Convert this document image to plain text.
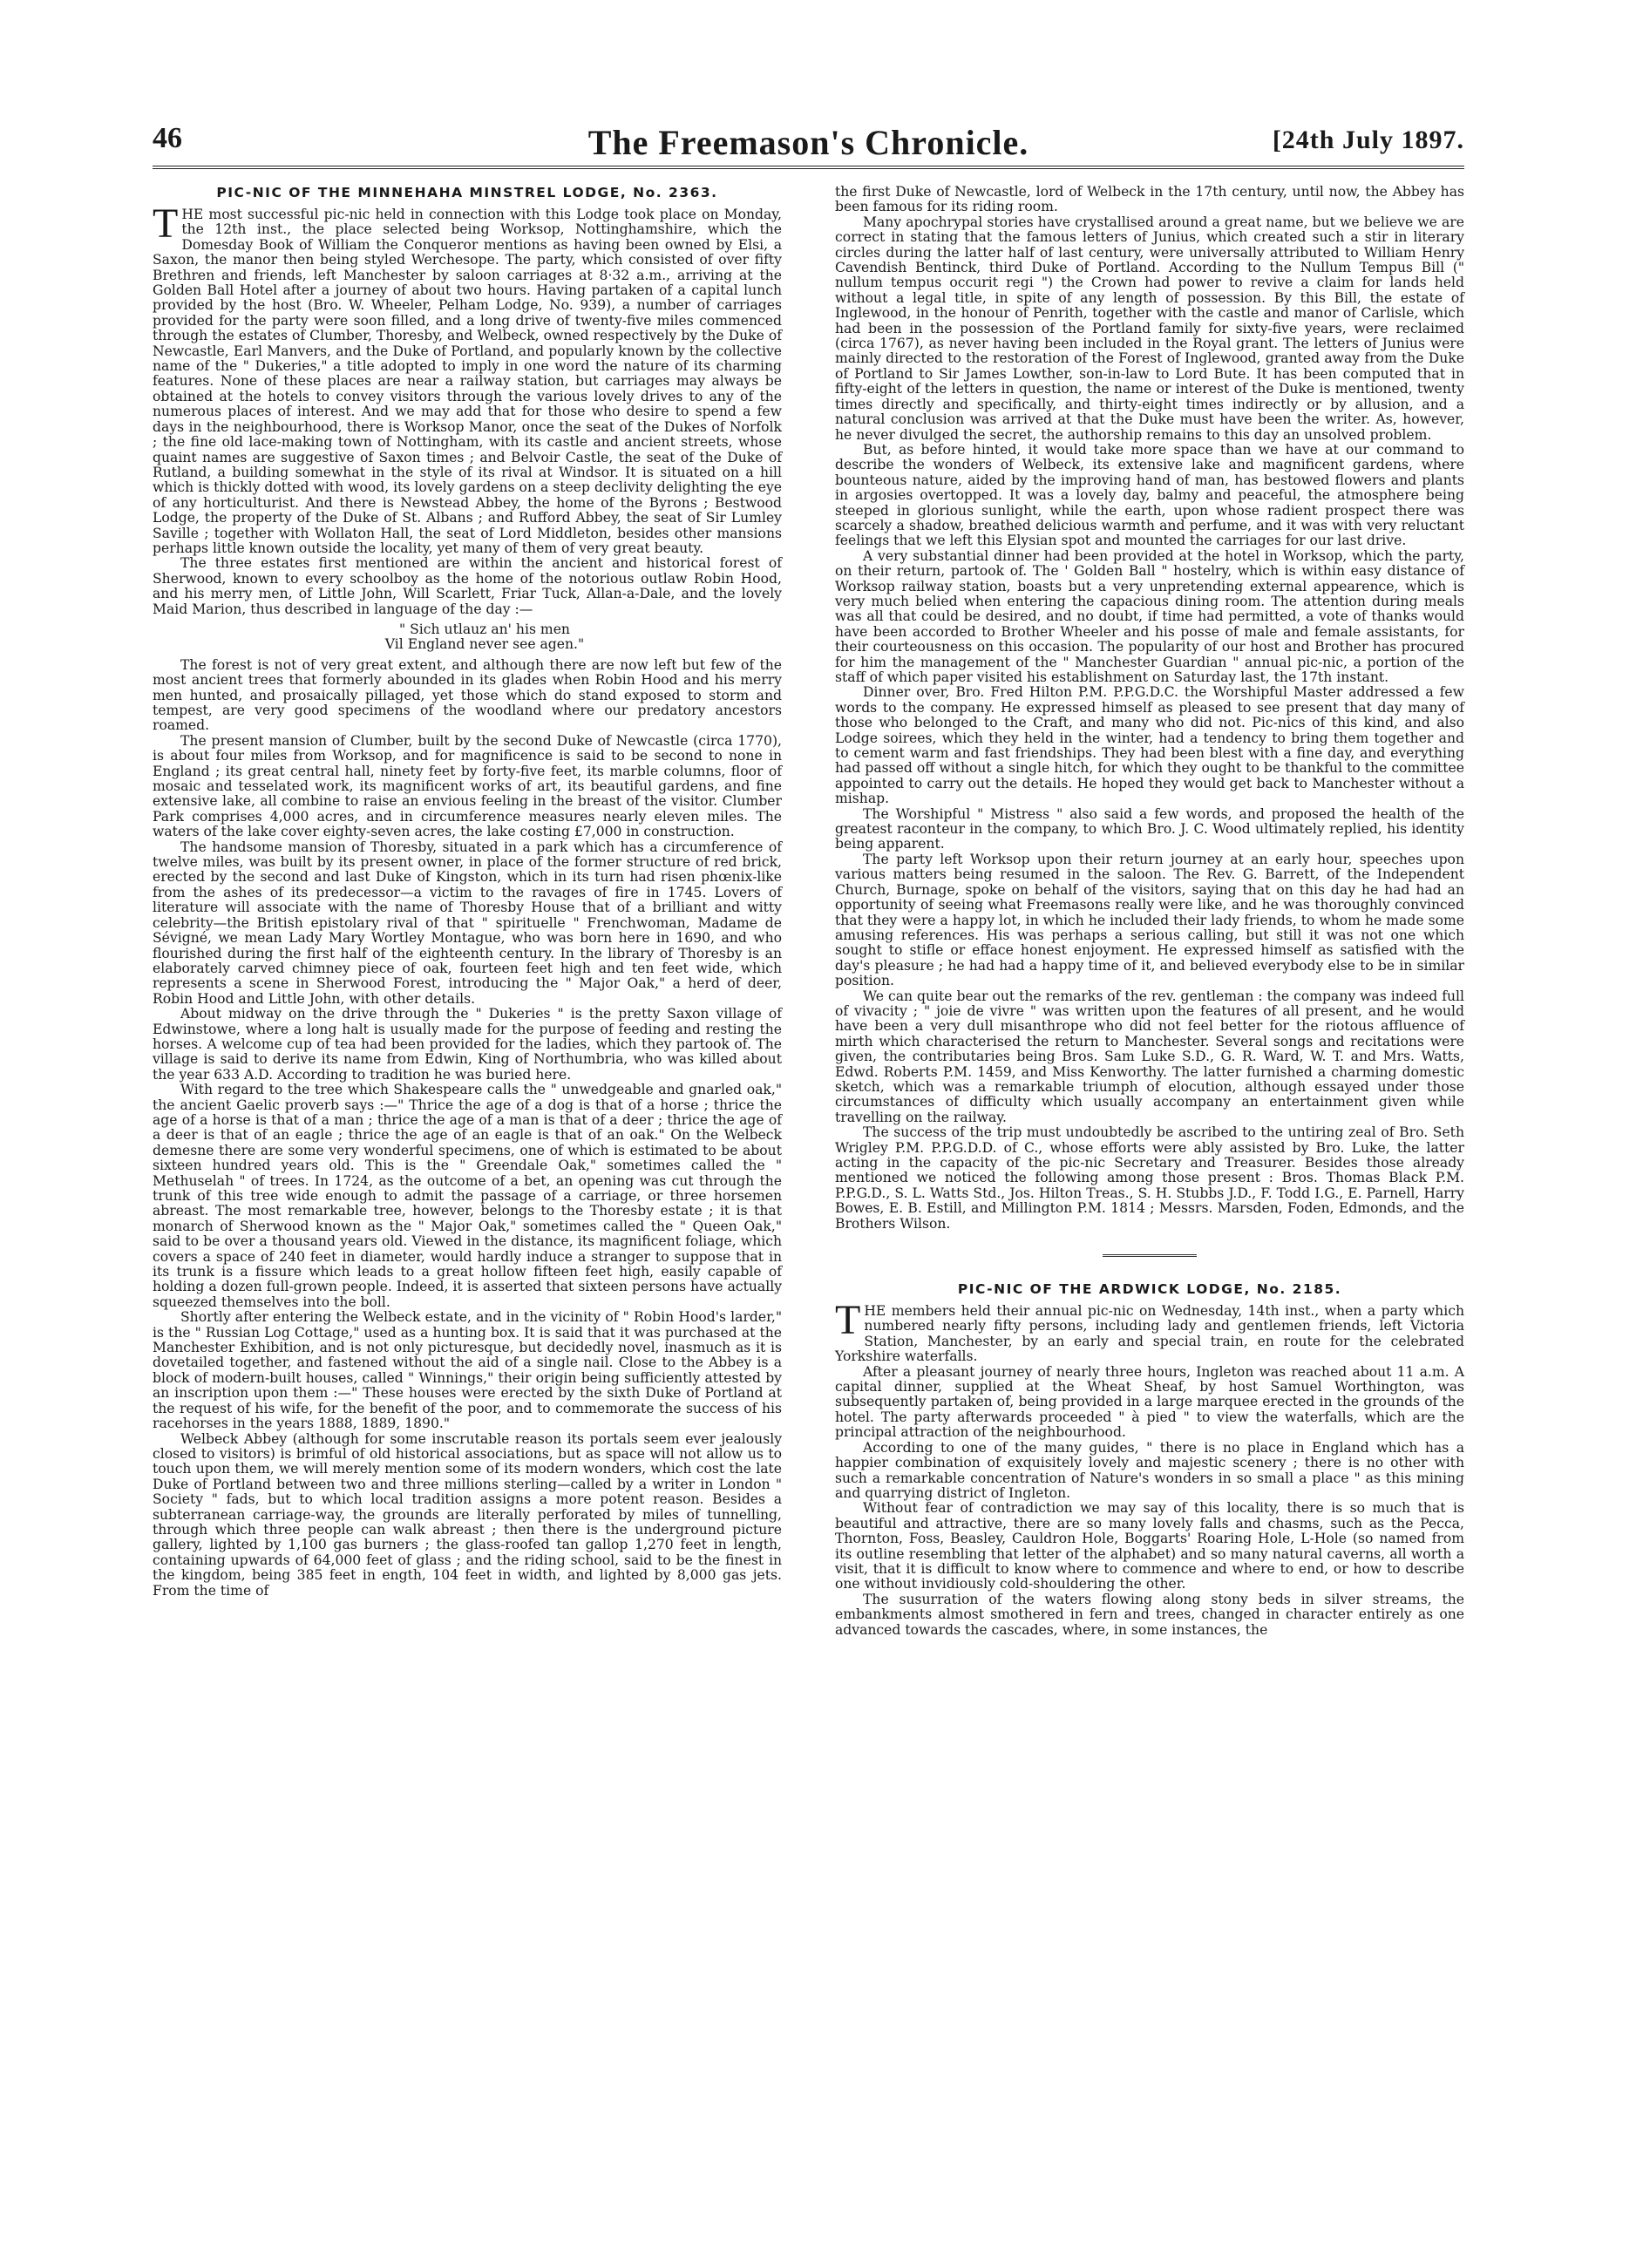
46	The Freemason's Chronicle.	[24th July 1897.
PIC-NIC OF THE MINNEHAHA MINSTREL LODGE, No. 2363.

THE most successful pic-nic held in connection with this Lodge took place on Monday, the 12th inst., the place selected being Worksop, Nottinghamshire, which the Domesday Book of William the Conqueror mentions as having been owned by Elsi, a Saxon, the manor then being styled Werchesope. The party, which consisted of over fifty Brethren and friends, left Manchester by saloon carriages at 8·32 a.m., arriving at the Golden Ball Hotel after a journey of about two hours. Having partaken of a capital lunch provided by the host (Bro. W. Wheeler, Pelham Lodge, No. 939), a number of carriages provided for the party were soon filled, and a long drive of twenty-five miles commenced through the estates of Clumber, Thoresby, and Welbeck, owned respectively by the Duke of Newcastle, Earl Manvers, and the Duke of Portland, and popularly known by the collective name of the " Dukeries," a title adopted to imply in one word the nature of its charming features. None of these places are near a railway station, but carriages may always be obtained at the hotels to convey visitors through the various lovely drives to any of the numerous places of interest. And we may add that for those who desire to spend a few days in the neighbourhood, there is Worksop Manor, once the seat of the Dukes of Norfolk ; the fine old lace-making town of Nottingham, with its castle and ancient streets, whose quaint names are suggestive of Saxon times ; and Belvoir Castle, the seat of the Duke of Rutland, a building somewhat in the style of its rival at Windsor. It is situated on a hill which is thickly dotted with wood, its lovely gardens on a steep declivity delighting the eye of any horticulturist. And there is Newstead Abbey, the home of the Byrons ; Bestwood Lodge, the property of the Duke of St. Albans ; and Rufford Abbey, the seat of Sir Lumley Saville ; together with Wollaton Hall, the seat of Lord Middleton, besides other mansions perhaps little known outside the locality, yet many of them of very great beauty.

The three estates first mentioned are within the ancient and historical forest of Sherwood, known to every schoolboy as the home of the notorious outlaw Robin Hood, and his merry men, of Little John, Will Scarlett, Friar Tuck, Allan-a-Dale, and the lovely Maid Marion, thus described in language of the day :—

" Sich utlauz an' his men
Vil England never see agen."

The forest is not of very great extent, and although there are now left but few of the most ancient trees that formerly abounded in its glades when Robin Hood and his merry men hunted, and prosaically pillaged, yet those which do stand exposed to storm and tempest, are very good specimens of the woodland where our predatory ancestors roamed.

The present mansion of Clumber, built by the second Duke of Newcastle (circa 1770), is about four miles from Worksop, and for magnificence is said to be second to none in England ; its great central hall, ninety feet by forty-five feet, its marble columns, floor of mosaic and tesselated work, its magnificent works of art, its beautiful gardens, and fine extensive lake, all combine to raise an envious feeling in the breast of the visitor. Clumber Park comprises 4,000 acres, and in circumference measures nearly eleven miles. The waters of the lake cover eighty-seven acres, the lake costing £7,000 in construction.

The handsome mansion of Thoresby, situated in a park which has a circumference of twelve miles, was built by its present owner, in place of the former structure of red brick, erected by the second and last Duke of Kingston, which in its turn had risen phœnix-like from the ashes of its predecessor—a victim to the ravages of fire in 1745. Lovers of literature will associate with the name of Thoresby House that of a brilliant and witty celebrity—the British epistolary rival of that " spirituelle " Frenchwoman, Madame de Sévigné, we mean Lady Mary Wortley Montague, who was born here in 1690, and who flourished during the first half of the eighteenth century. In the library of Thoresby is an elaborately carved chimney piece of oak, fourteen feet high and ten feet wide, which represents a scene in Sherwood Forest, introducing the " Major Oak," a herd of deer, Robin Hood and Little John, with other details.

About midway on the drive through the " Dukeries " is the pretty Saxon village of Edwinstowe, where a long halt is usually made for the purpose of feeding and resting the horses. A welcome cup of tea had been provided for the ladies, which they partook of. The village is said to derive its name from Edwin, King of Northumbria, who was killed about the year 633 A.D. According to tradition he was buried here.

With regard to the tree which Shakespeare calls the " unwedgeable and gnarled oak," the ancient Gaelic proverb says :—" Thrice the age of a dog is that of a horse ; thrice the age of a horse is that of a man ; thrice the age of a man is that of a deer ; thrice the age of a deer is that of an eagle ; thrice the age of an eagle is that of an oak." On the Welbeck demesne there are some very wonderful specimens, one of which is estimated to be about sixteen hundred years old. This is the " Greendale Oak," sometimes called the " Methuselah " of trees. In 1724, as the outcome of a bet, an opening was cut through the trunk of this tree wide enough to admit the passage of a carriage, or three horsemen abreast. The most remarkable tree, however, belongs to the Thoresby estate ; it is that monarch of Sherwood known as the " Major Oak," sometimes called the " Queen Oak," said to be over a thousand years old. Viewed in the distance, its magnificent foliage, which covers a space of 240 feet in diameter, would hardly induce a stranger to suppose that in its trunk is a fissure which leads to a great hollow fifteen feet high, easily capable of holding a dozen full-grown people. Indeed, it is asserted that sixteen persons have actually squeezed themselves into the boll.

Shortly after entering the Welbeck estate, and in the vicinity of " Robin Hood's larder," is the " Russian Log Cottage," used as a hunting box. It is said that it was purchased at the Manchester Exhibition, and is not only picturesque, but decidedly novel, inasmuch as it is dovetailed together, and fastened without the aid of a single nail. Close to the Abbey is a block of modern-built houses, called " Winnings," their origin being sufficiently attested by an inscription upon them :—" These houses were erected by the sixth Duke of Portland at the request of his wife, for the benefit of the poor, and to commemorate the success of his racehorses in the years 1888, 1889, 1890."

Welbeck Abbey (although for some inscrutable reason its portals seem ever jealously closed to visitors) is brimful of old historical associations, but as space will not allow us to touch upon them, we will merely mention some of its modern wonders, which cost the late Duke of Portland between two and three millions sterling—called by a writer in London " Society " fads, but to which local tradition assigns a more potent reason. Besides a subterranean carriage-way, the grounds are literally perforated by miles of tunnelling, through which three people can walk abreast ; then there is the underground picture gallery, lighted by 1,100 gas burners ; the glass-roofed tan gallop 1,270 feet in length, containing upwards of 64,000 feet of glass ; and the riding school, said to be the finest in the kingdom, being 385 feet in ength, 104 feet in width, and lighted by 8,000 gas jets. From the time of

the first Duke of Newcastle, lord of Welbeck in the 17th century, until now, the Abbey has been famous for its riding room.

Many apochrypal stories have crystallised around a great name, but we believe we are correct in stating that the famous letters of Junius, which created such a stir in literary circles during the latter half of last century, were universally attributed to William Henry Cavendish Bentinck, third Duke of Portland. According to the Nullum Tempus Bill (" nullum tempus occurit regi ") the Crown had power to revive a claim for lands held without a legal title, in spite of any length of possession. By this Bill, the estate of Inglewood, in the honour of Penrith, together with the castle and manor of Carlisle, which had been in the possession of the Portland family for sixty-five years, were reclaimed (circa 1767), as never having been included in the Royal grant. The letters of Junius were mainly directed to the restoration of the Forest of Inglewood, granted away from the Duke of Portland to Sir James Lowther, son-in-law to Lord Bute. It has been computed that in fifty-eight of the letters in question, the name or interest of the Duke is mentioned, twenty times directly and specifically, and thirty-eight times indirectly or by allusion, and a natural conclusion was arrived at that the Duke must have been the writer. As, however, he never divulged the secret, the authorship remains to this day an unsolved problem.

But, as before hinted, it would take more space than we have at our command to describe the wonders of Welbeck, its extensive lake and magnificent gardens, where bounteous nature, aided by the improving hand of man, has bestowed flowers and plants in argosies overtopped. It was a lovely day, balmy and peaceful, the atmosphere being steeped in glorious sunlight, while the earth, upon whose radient prospect there was scarcely a shadow, breathed delicious warmth and perfume, and it was with very reluctant feelings that we left this Elysian spot and mounted the carriages for our last drive.

A very substantial dinner had been provided at the hotel in Worksop, which the party, on their return, partook of. The ' Golden Ball " hostelry, which is within easy distance of Worksop railway station, boasts but a very unpretending external appearence, which is very much belied when entering the capacious dining room. The attention during meals was all that could be desired, and no doubt, if time had permitted, a vote of thanks would have been accorded to Brother Wheeler and his posse of male and female assistants, for their courteousness on this occasion. The popularity of our host and Brother has procured for him the management of the " Manchester Guardian " annual pic-nic, a portion of the staff of which paper visited his establishment on Saturday last, the 17th instant.

Dinner over, Bro. Fred Hilton P.M. P.P.G.D.C. the Worshipful Master addressed a few words to the company. He expressed himself as pleased to see present that day many of those who belonged to the Craft, and many who did not. Pic-nics of this kind, and also Lodge soirees, which they held in the winter, had a tendency to bring them together and to cement warm and fast friendships. They had been blest with a fine day, and everything had passed off without a single hitch, for which they ought to be thankful to the committee appointed to carry out the details. He hoped they would get back to Manchester without a mishap.

The Worshipful " Mistress " also said a few words, and proposed the health of the greatest raconteur in the company, to which Bro. J. C. Wood ultimately replied, his identity being apparent.

The party left Worksop upon their return journey at an early hour, speeches upon various matters being resumed in the saloon. The Rev. G. Barrett, of the Independent Church, Burnage, spoke on behalf of the visitors, saying that on this day he had had an opportunity of seeing what Freemasons really were like, and he was thoroughly convinced that they were a happy lot, in which he included their lady friends, to whom he made some amusing references. His was perhaps a serious calling, but still it was not one which sought to stifle or efface honest enjoyment. He expressed himself as satisfied with the day's pleasure ; he had had a happy time of it, and believed everybody else to be in similar position.

We can quite bear out the remarks of the rev. gentleman : the company was indeed full of vivacity ; " joie de vivre " was written upon the features of all present, and he would have been a very dull misanthrope who did not feel better for the riotous affluence of mirth which characterised the return to Manchester. Several songs and recitations were given, the contributaries being Bros. Sam Luke S.D., G. R. Ward, W. T. and Mrs. Watts, Edwd. Roberts P.M. 1459, and Miss Kenworthy. The latter furnished a charming domestic sketch, which was a remarkable triumph of elocution, although essayed under those circumstances of difficulty which usually accompany an entertainment given while travelling on the railway.

The success of the trip must undoubtedly be ascribed to the untiring zeal of Bro. Seth Wrigley P.M. P.P.G.D.D. of C., whose efforts were ably assisted by Bro. Luke, the latter acting in the capacity of the pic-nic Secretary and Treasurer. Besides those already mentioned we noticed the following among those present : Bros. Thomas Black P.M. P.P.G.D., S. L. Watts Std., Jos. Hilton Treas., S. H. Stubbs J.D., F. Todd I.G., E. Parnell, Harry Bowes, E. B. Estill, and Millington P.M. 1814 ; Messrs. Marsden, Foden, Edmonds, and the Brothers Wilson.

PIC-NIC OF THE ARDWICK LODGE, No. 2185.

THE members held their annual pic-nic on Wednesday, 14th inst., when a party which numbered nearly fifty persons, including lady and gentlemen friends, left Victoria Station, Manchester, by an early and special train, en route for the celebrated Yorkshire waterfalls.

After a pleasant journey of nearly three hours, Ingleton was reached about 11 a.m. A capital dinner, supplied at the Wheat Sheaf, by host Samuel Worthington, was subsequently partaken of, being provided in a large marquee erected in the grounds of the hotel. The party afterwards proceeded " à pied " to view the waterfalls, which are the principal attraction of the neighbourhood.

According to one of the many guides, " there is no place in England which has a happier combination of exquisitely lovely and majestic scenery ; there is no other with such a remarkable concentration of Nature's wonders in so small a place " as this mining and quarrying district of Ingleton.

Without fear of contradiction we may say of this locality, there is so much that is beautiful and attractive, there are so many lovely falls and chasms, such as the Pecca, Thornton, Foss, Beasley, Cauldron Hole, Boggarts' Roaring Hole, L-Hole (so named from its outline resembling that letter of the alphabet) and so many natural caverns, all worth a visit, that it is difficult to know where to commence and where to end, or how to describe one without invidiously cold-shouldering the other.

The susurration of the waters flowing along stony beds in silver streams, the embankments almost smothered in fern and trees, changed in character entirely as one advanced towards the cascades, where, in some instances, the
